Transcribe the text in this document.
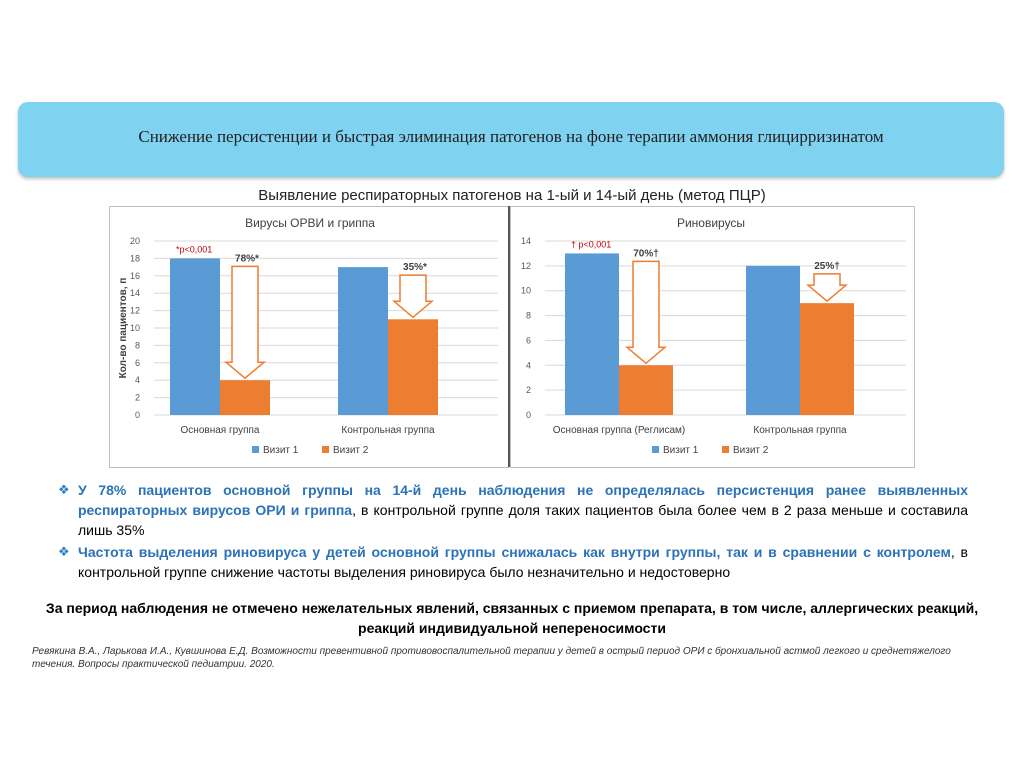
Снижение персистенции и быстрая элиминация патогенов на фоне терапии аммония глицирризинатом
Выявление респираторных патогенов на 1-ый и 14-ый день (метод ПЦР)
Вирусы ОРВИ и гриппа
0
2
4
6
8
10
12
14
16
18
20
Кол-во пациентов, п
Основная группа	Контрольная группа
*p<0,001
78%*
35%*
Визит 1	Визит 2
Риновирусы
0
2
4
6
8
10
12
14
Основная группа (Реглисам)	Контрольная группа
† p<0,001
70%†
25%†
Визит 1	Визит 2
❖ У 78% пациентов основной группы на 14-й день наблюдения не определялась персистенция ранее выявленных респираторных вирусов ОРИ и гриппа, в контрольной группе доля таких пациентов была более чем в 2 раза меньше и составила лишь 35%
❖ Частота выделения риновируса у детей основной группы снижалась как внутри группы, так и в сравнении с контролем, в контрольной группе снижение частоты выделения риновируса было незначительно и недостоверно
За период наблюдения не отмечено нежелательных явлений, связанных с приемом препарата, в том числе, аллергических реакций, реакций индивидуальной непереносимости
Ревякина В.А., Ларькова И.А., Кувшинова Е.Д. Возможности превентивной противовоспалительной терапии у детей в острый период ОРИ с бронхиальной астмой легкого и среднетяжелого течения. Вопросы практической педиатрии. 2020.
